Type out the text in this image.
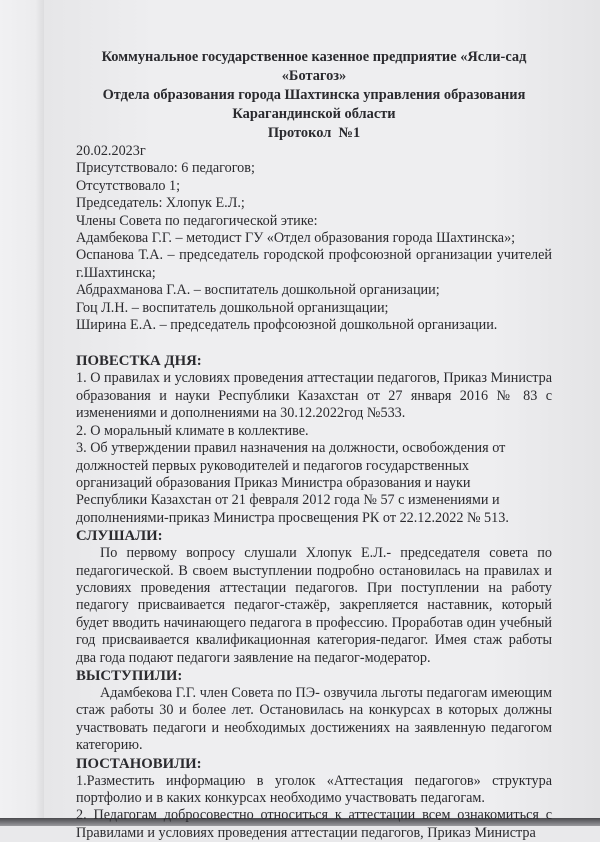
Коммунальное государственное казенное предприятие «Ясли-сад
«Ботагоз»
Отдела образования города Шахтинска управления образования
Карагандинской области
Протокол  №1

20.02.2023г

Присутствовало: 6 педагогов;

Отсутствовало 1;

Председатель: Хлопук Е.Л.;

Члены Совета по педагогической этике:

Адамбекова Г.Г. – методист ГУ «Отдел образования города Шахтинска»;

Оспанова Т.А. – председатель городской профсоюзной организации учителей г.Шахтинска;

Абдрахманова Г.А. – воспитатель дошкольной организации;

Гоц Л.Н. – воспитатель дошкольной организщации;

Ширина Е.А. – председатель профсоюзной дошкольной организации.

ПОВЕСТКА ДНЯ:

1. О правилах и условиях проведения аттестации педагогов, Приказ Министра образования и науки Республики Казахстан от 27 января 2016 № 83 с изменениями и дополнениями на 30.12.2022год №533.

2. О моральный климате в коллективе.

3. Об утверждении правил назначения на должности, освобождения от должностей первых руководителей и педагогов государственных организаций образования Приказ Министра образования и науки Республики Казахстан от 21 февраля 2012 года № 57 с изменениями и дополнениями-приказ Министра просвещения РК от 22.12.2022 № 513.

СЛУШАЛИ:

По первому вопросу слушали Хлопук Е.Л.- председателя совета по педагогической. В своем выступлении подробно остановилась на правилах и условиях проведения аттестации педагогов. При поступлении на работу педагогу присваивается педагог-стажёр, закрепляется наставник, который будет вводить начинающего педагога в профессию. Проработав один учебный год присваивается квалификационная категория-педагог. Имея стаж работы два года подают педагоги заявление на педагог-модератор.

ВЫСТУПИЛИ:

Адамбекова Г.Г. член Совета по ПЭ- озвучила льготы педагогам имеющим стаж работы 30 и более лет. Остановилась на конкурсах в которых должны участвовать педагоги и необходимых достижениях на заявленную педагогом категорию.

ПОСТАНОВИЛИ:

1.Разместить информацию в уголок «Аттестация педагогов» структура портфолио и в каких конкурсах необходимо участвовать педагогам.

2. Педагогам добросовестно относиться к аттестации всем ознакомиться с Правилами и условиях проведения аттестации педагогов, Приказ Министра
